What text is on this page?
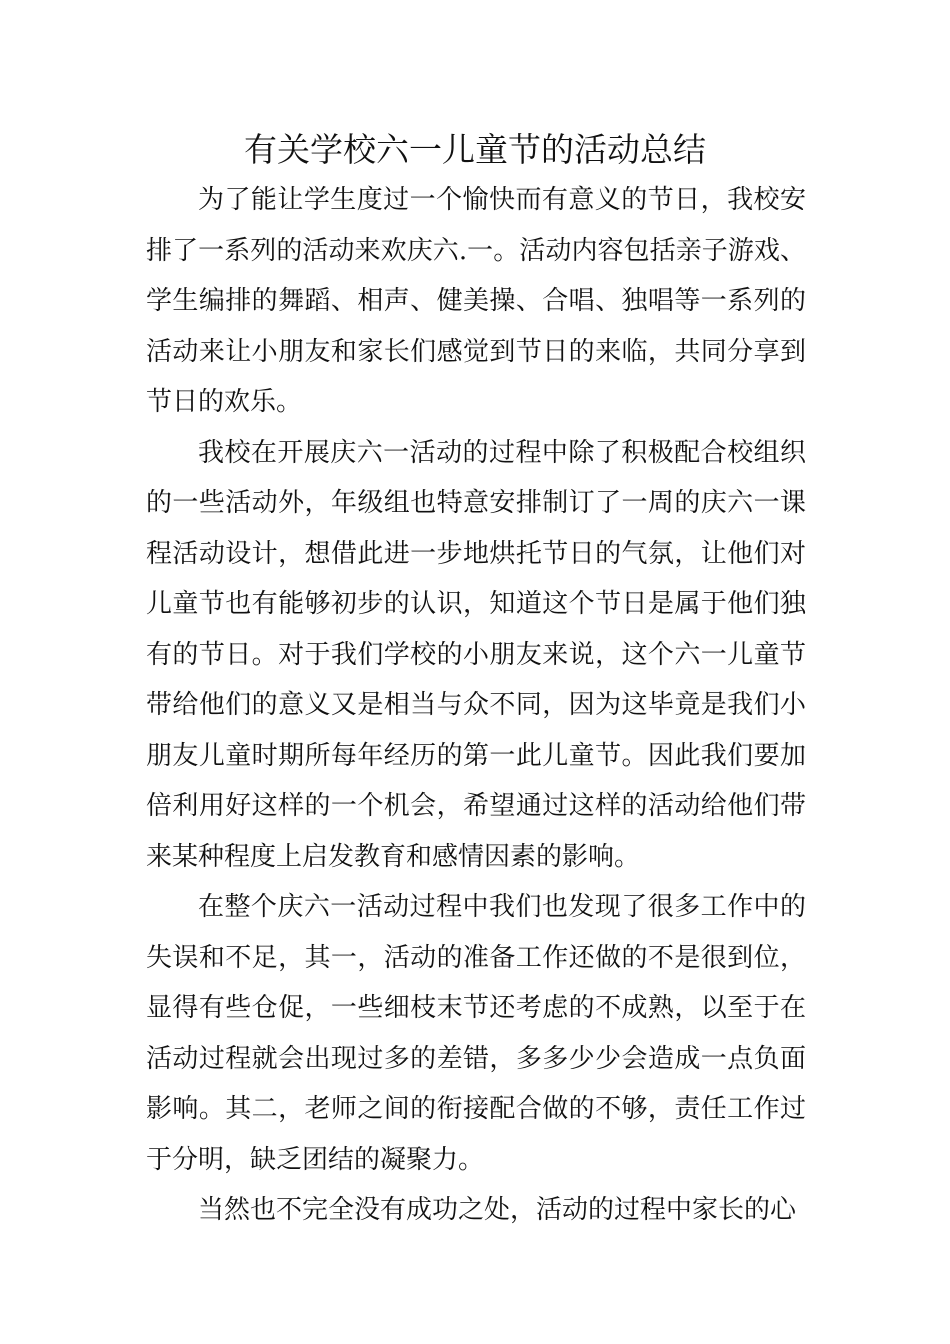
有关学校六一儿童节的活动总结

为了能让学生度过一个愉快而有意义的节日，我校安排了一系列的活动来欢庆六.一。活动内容包括亲子游戏、学生编排的舞蹈、相声、健美操、合唱、独唱等一系列的活动来让小朋友和家长们感觉到节日的来临，共同分享到节日的欢乐。

我校在开展庆六一活动的过程中除了积极配合校组织的一些活动外，年级组也特意安排制订了一周的庆六一课程活动设计，想借此进一步地烘托节日的气氛，让他们对儿童节也有能够初步的认识，知道这个节日是属于他们独有的节日。对于我们学校的小朋友来说，这个六一儿童节带给他们的意义又是相当与众不同，因为这毕竟是我们小朋友儿童时期所每年经历的第一此儿童节。因此我们要加倍利用好这样的一个机会，希望通过这样的活动给他们带来某种程度上启发教育和感情因素的影响。

在整个庆六一活动过程中我们也发现了很多工作中的失误和不足，其一，活动的准备工作还做的不是很到位，显得有些仓促，一些细枝末节还考虑的不成熟，以至于在活动过程就会出现过多的差错，多多少少会造成一点负面影响。其二，老师之间的衔接配合做的不够，责任工作过于分明，缺乏团结的凝聚力。

当然也不完全没有成功之处，活动的过程中家长的心
